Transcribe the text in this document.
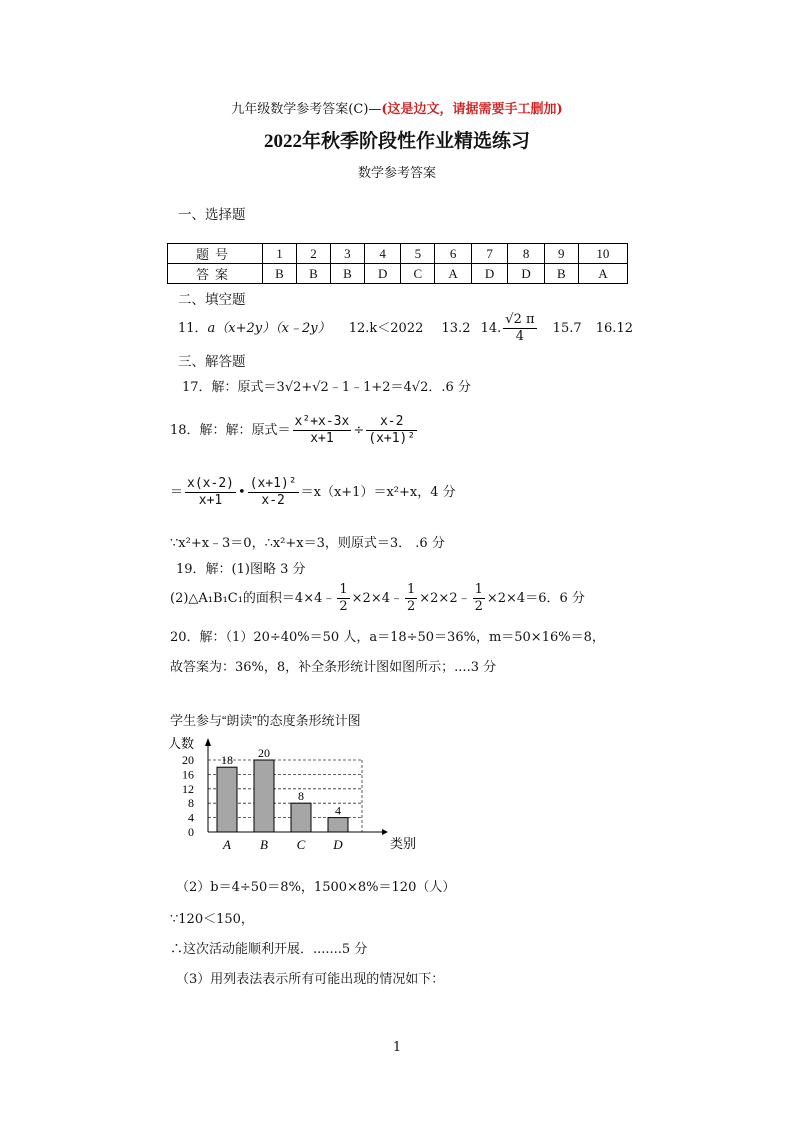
九年级数学参考答案(C)—(这是边文，请据需要手工删加)
2022年秋季阶段性作业精选练习
数学参考答案
一、选择题
题号	1	2	3	4	5	6	7	8	9	10
答案	B	B	B	D	C	A	D	D	B	A
二、填空题
11．a（x+2y）（x﹣2y） 12.k＜2022 13.2 14. $\frac{√2 \pi}{4} 15.7$ 16.12
三、解答题
17．解：原式＝3√2+√2﹣1﹣1+2＝4√2．.6 分
18．解：解：原式＝ $\frac{\text{x²+x-3x}}{x+1} \div \frac{x-2}{\text{(x+1)²}}$
＝ $\frac{x(x-2)}{x+1}$ • $\frac{\text{(x+1)²}}{x-2} =x(x+1)=x^2+x$，4 分
∵x²+x﹣3＝0，∴x²+x＝3，则原式＝3． .6 分
19．解：(1)图略 3 分
(2)△A₁B₁C₁的面积＝4×4﹣ $\frac{1}{2}$ ×2×4﹣ $\frac{1}{2}$ ×2×2﹣ $\frac{1}{2} \times 2\times 4=6$．6 分
20．解：（1）20÷40%＝50 人，a＝18÷50＝36%，m＝50×16%＝8，
故答案为：36%，8，补全条形统计图如图所示；....3 分
学生参与“朗读”的态度条形统计图
20
16
12
8
4
0
人数
类别
18
A
20
B
8
C
4
D
（2）b＝4÷50＝8%，1500×8%＝120（人）
∵120＜150，
∴这次活动能顺利开展．.......5 分
（3）用列表法表示所有可能出现的情况如下：
1
